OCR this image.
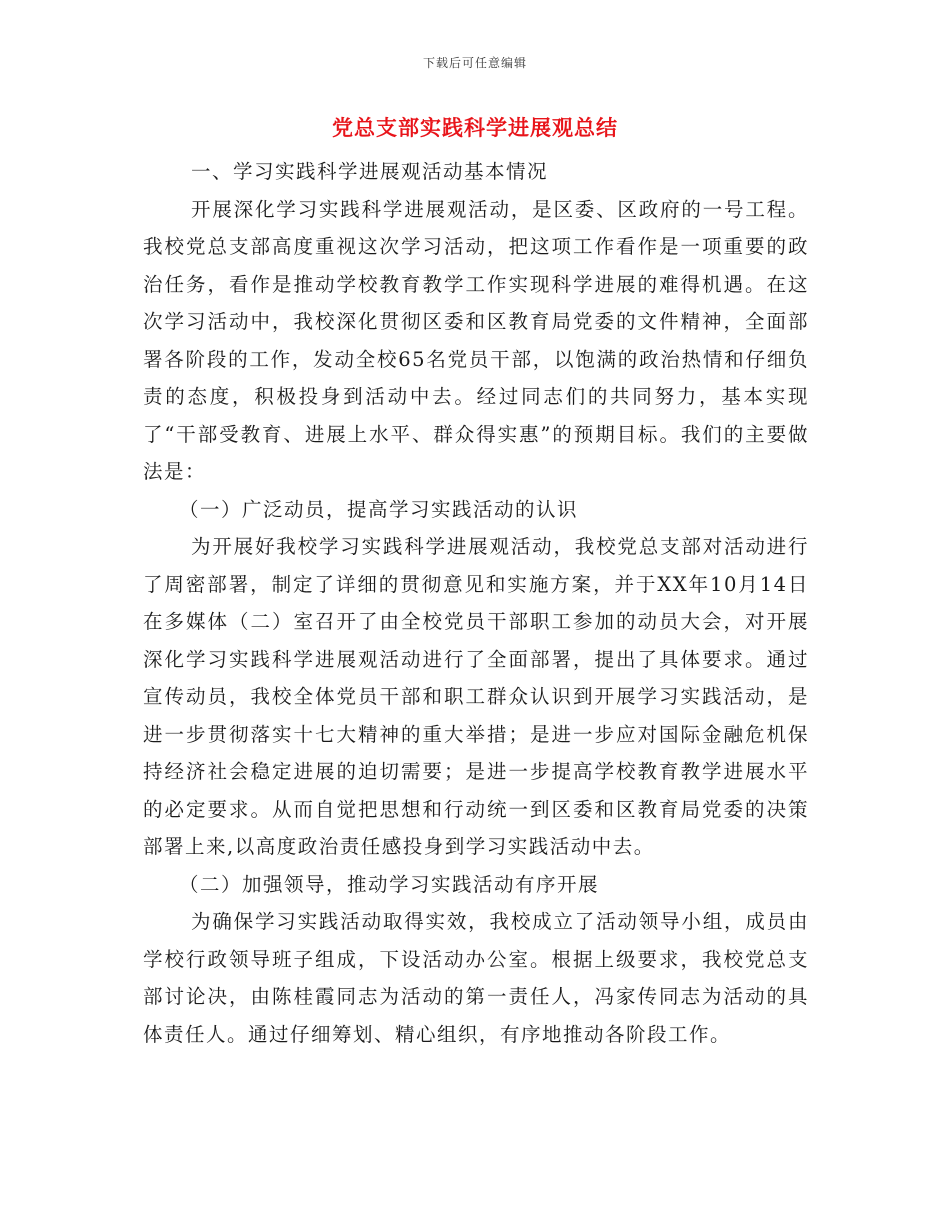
下载后可任意编辑
党总支部实践科学进展观总结

一、学习实践科学进展观活动基本情况

开展深化学习实践科学进展观活动，是区委、区政府的一号工程。我校党总支部高度重视这次学习活动，把这项工作看作是一项重要的政治任务，看作是推动学校教育教学工作实现科学进展的难得机遇。在这次学习活动中，我校深化贯彻区委和区教育局党委的文件精神，全面部署各阶段的工作，发动全校65名党员干部，以饱满的政治热情和仔细负责的态度，积极投身到活动中去。经过同志们的共同努力，基本实现了“干部受教育、进展上水平、群众得实惠”的预期目标。我们的主要做法是：

（一）广泛动员，提高学习实践活动的认识

为开展好我校学习实践科学进展观活动，我校党总支部对活动进行了周密部署，制定了详细的贯彻意见和实施方案，并于XX年10月14日在多媒体（二）室召开了由全校党员干部职工参加的动员大会，对开展深化学习实践科学进展观活动进行了全面部署，提出了具体要求。通过宣传动员，我校全体党员干部和职工群众认识到开展学习实践活动，是进一步贯彻落实十七大精神的重大举措；是进一步应对国际金融危机保持经济社会稳定进展的迫切需要；是进一步提高学校教育教学进展水平的必定要求。从而自觉把思想和行动统一到区委和区教育局党委的决策部署上来,以高度政治责任感投身到学习实践活动中去。

（二）加强领导，推动学习实践活动有序开展

为确保学习实践活动取得实效，我校成立了活动领导小组，成员由学校行政领导班子组成，下设活动办公室。根据上级要求，我校党总支部讨论决，由陈桂霞同志为活动的第一责任人，冯家传同志为活动的具体责任人。通过仔细筹划、精心组织，有序地推动各阶段工作。
